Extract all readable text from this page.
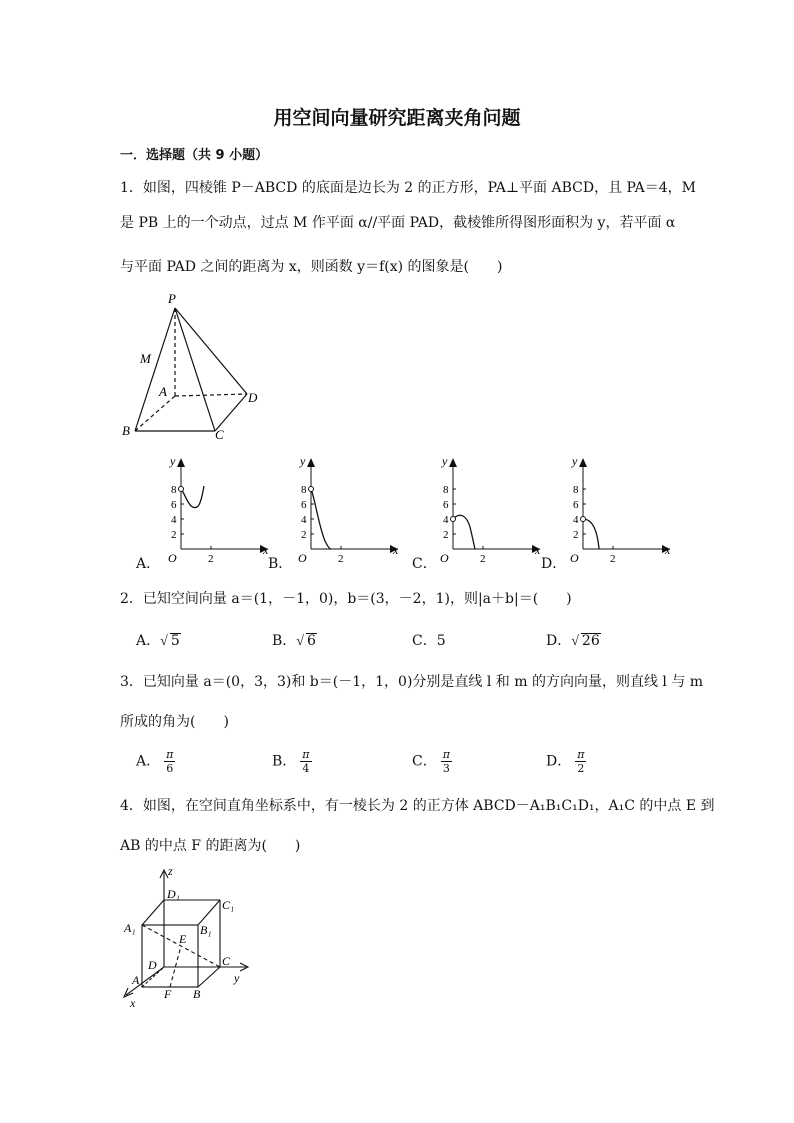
用空间向量研究距离夹角问题
一．选择题（共 9 小题）
1．如图，四棱锥 P－ABCD 的底面是边长为 2 的正方形，PA⊥平面 ABCD，且 PA＝4，M
是 PB 上的一个动点，过点 M 作平面 α//平面 PAD，截棱锥所得图形面积为 y，若平面 α
与平面 PAD 之间的距离为 x，则函数 y＝f(x) 的图象是(　　)
P
M
A
B	C
D
A．	B．	C．	D．
8
6
4
2
2
y
x
O
8
6
4
2
2
y
x
O
8
6
4
2
2
y
x
O
8
6
4
2
2
y
x
O
2．已知空间向量 a＝(1，－1，0)，b＝(3，－2，1)，则|a＋b|＝(　　)
A．√ 5	B．√ 6	C．5	D．√ 26
3．已知向量 a＝(0，3，3)和 b＝(－1，1，0)分别是直线 l 和 m 的方向向量，则直线 l 与 m
所成的角为(　　)
A． $\frac{\pi}{6}$	B． $\frac{\pi}{4}$	C． $\frac{\pi}{3}$	D． $\frac{\pi}{2}$
4．如图，在空间直角坐标系中，有一棱长为 2 的正方体 ABCD－A₁B₁C₁D₁，A₁C 的中点 E 到
AB 的中点 F 的距离为(　　)
z
y
x
D₁
C₁
A₁	B₁
E
D	C
A
F B
